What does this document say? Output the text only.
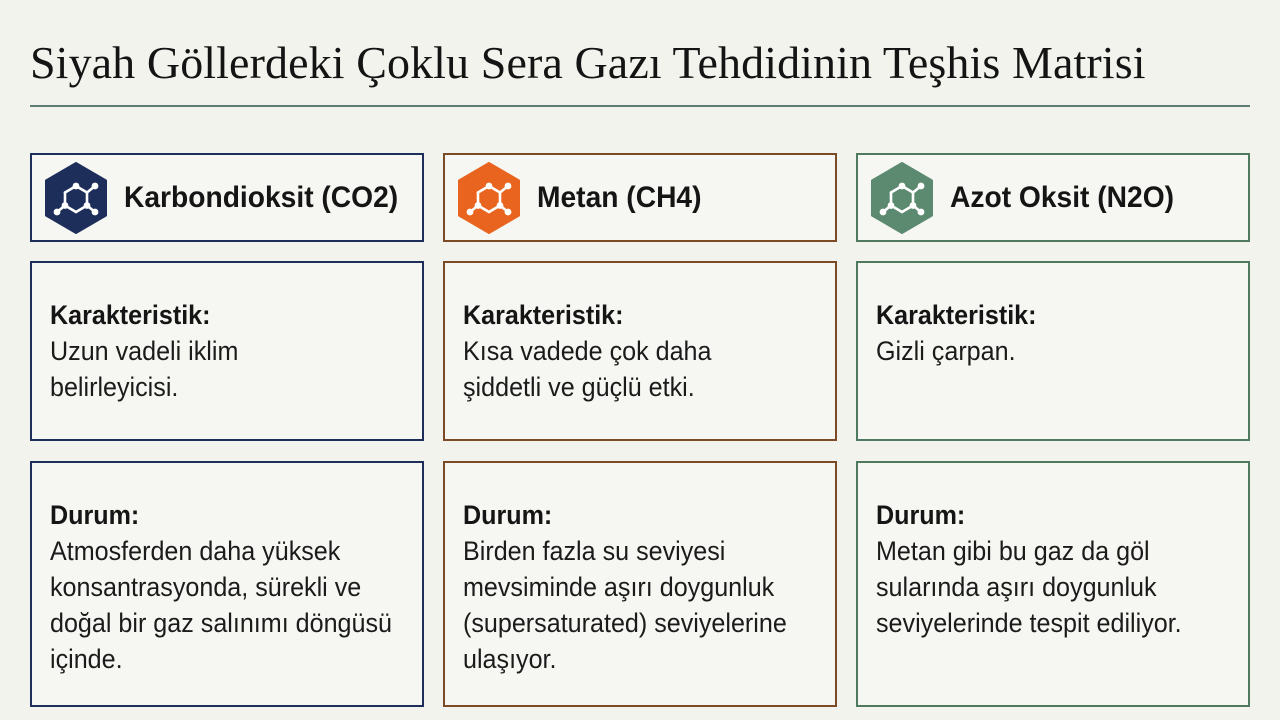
Siyah Göllerdeki Çoklu Sera Gazı Tehdidinin Teşhis Matrisi
Karbondioksit (CO2)
Karakteristik:
Uzun vadeli iklim belirleyicisi.
Durum:
Atmosferden daha yüksek konsantrasyonda, sürekli ve doğal bir gaz salınımı döngüsü içinde.
Metan (CH4)
Karakteristik:
Kısa vadede çok daha şiddetli ve güçlü etki.
Durum:
Birden fazla su seviyesi mevsiminde aşırı doygunluk (supersaturated) seviyelerine ulaşıyor.
Azot Oksit (N2O)
Karakteristik:
Gizli çarpan.
Durum:
Metan gibi bu gaz da göl sularında aşırı doygunluk seviyelerinde tespit ediliyor.
